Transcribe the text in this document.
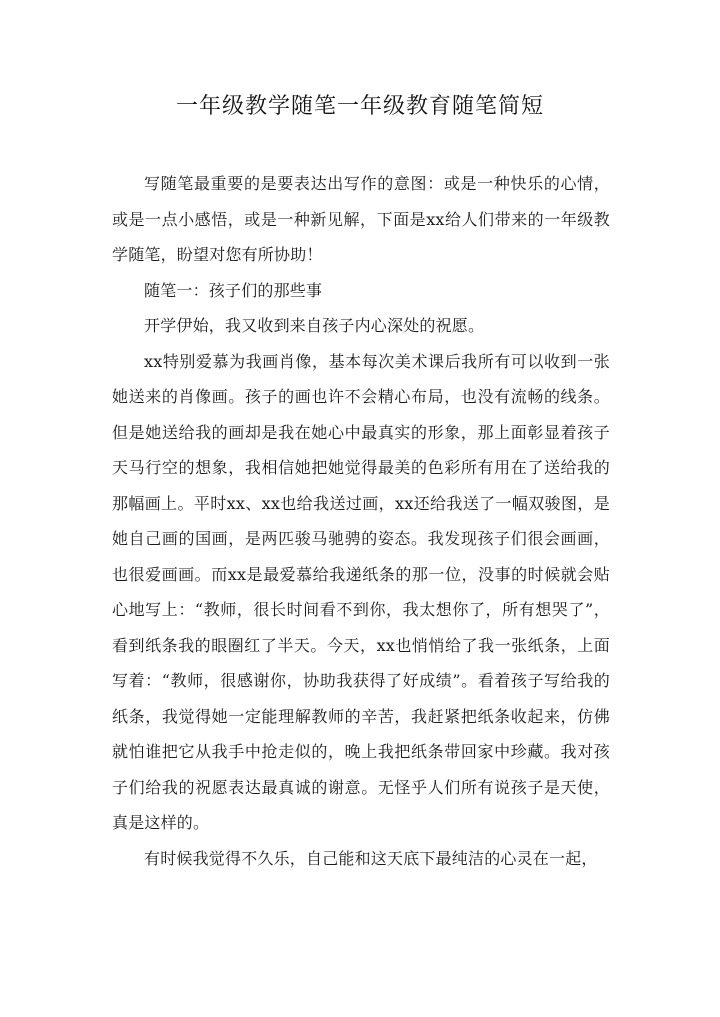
一年级教学随笔一年级教育随笔简短

写随笔最重要的是要表达出写作的意图：或是一种快乐的心情，或是一点小感悟，或是一种新见解，下面是xx给人们带来的一年级教学随笔，盼望对您有所协助！

随笔一：孩子们的那些事

开学伊始，我又收到来自孩子内心深处的祝愿。

xx特别爱慕为我画肖像，基本每次美术课后我所有可以收到一张她送来的肖像画。孩子的画也许不会精心布局，也没有流畅的线条。但是她送给我的画却是我在她心中最真实的形象，那上面彰显着孩子天马行空的想象，我相信她把她觉得最美的色彩所有用在了送给我的那幅画上。平时xx、xx也给我送过画，xx还给我送了一幅双骏图，是她自己画的国画，是两匹骏马驰骋的姿态。我发现孩子们很会画画，也很爱画画。而xx是最爱慕给我递纸条的那一位，没事的时候就会贴心地写上：“教师，很长时间看不到你，我太想你了，所有想哭了”，看到纸条我的眼圈红了半天。今天，xx也悄悄给了我一张纸条，上面写着：“教师，很感谢你，协助我获得了好成绩”。看着孩子写给我的纸条，我觉得她一定能理解教师的辛苦，我赶紧把纸条收起来，仿佛就怕谁把它从我手中抢走似的，晚上我把纸条带回家中珍藏。我对孩子们给我的祝愿表达最真诚的谢意。无怪乎人们所有说孩子是天使，真是这样的。

有时候我觉得不久乐，自己能和这天底下最纯洁的心灵在一起，
